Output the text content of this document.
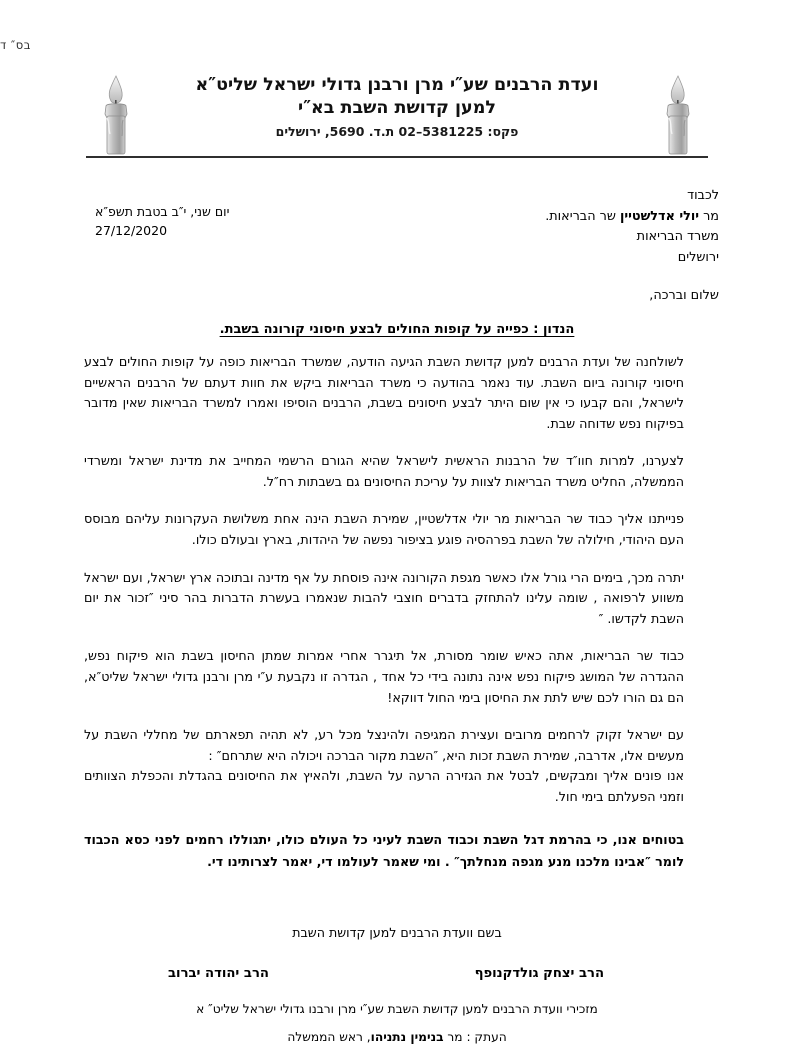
בס″ ד
ועדת הרבנים שע″י מרן ורבנן גדולי ישראל שליט″א
למען קדושת השבת בא″י
פקס: 5381225–02 ת.ד. 5690, ירושלים
יום שני, י″ב בטבת תשפ″א
27/12/2020
לכבוד
מר יולי אדלשטיין שר הבריאות.
משרד הבריאות
ירושלים
שלום וברכה,
הנדון : כפייה על קופות החולים לבצע חיסוני קורונה בשבת.

לשולחנה של ועדת הרבנים למען קדושת השבת הגיעה הודעה, שמשרד הבריאות כופה על קופות החולים לבצע חיסוני קורונה ביום השבת. עוד נאמר בהודעה כי משרד הבריאות ביקש את חוות דעתם של הרבנים הראשיים לישראל, והם קבעו כי אין שום היתר לבצע חיסונים בשבת, הרבנים הוסיפו ואמרו למשרד הבריאות שאין מדובר בפיקוח נפש שדוחה שבת.

לצערנו, למרות חוו″ד של הרבנות הראשית לישראל שהיא הגורם הרשמי המחייב את מדינת ישראל ומשרדי הממשלה, החליט משרד הבריאות לצוות על עריכת החיסונים גם בשבתות רח″ל.

פנייתנו אליך כבוד שר הבריאות מר יולי אדלשטיין, שמירת השבת הינה אחת משלושת העקרונות עליהם מבוסס העם היהודי, חילולה של השבת בפרהסיה פוגע בציפור נפשה של היהדות, בארץ ובעולם כולו.

יתרה מכך, בימים הרי גורל אלו כאשר מגפת הקורונה אינה פוסחת על אף מדינה ובתוכה ארץ ישראל, ועם ישראל משווע לרפואה , שומה עלינו להתחזק בדברים חוצבי להבות שנאמרו בעשרת הדברות בהר סיני ″זכור את יום השבת לקדשו. ″

כבוד שר הבריאות, אתה כאיש שומר מסורת, אל תיגרר אחרי אמרות שמתן החיסון בשבת הוא פיקוח נפש, ההגדרה של המושג פיקוח נפש אינה נתונה בידי כל אחד , הגדרה זו נקבעת ע″י מרן ורבנן גדולי ישראל שליט″א, הם גם הורו לכם שיש לתת את החיסון בימי החול דווקא!

עם ישראל זקוק לרחמים מרובים ועצירת המגיפה ולהינצל מכל רע, לא תהיה תפארתם של מחללי השבת על מעשים אלו, אדרבה, שמירת השבת זכות היא, ″השבת מקור הברכה ויכולה היא שתרחם″ :

אנו פונים אליך ומבקשים, לבטל את הגזירה הרעה על השבת, ולהאיץ את החיסונים בהגדלת והכפלת הצוותים וזמני הפעלתם בימי חול.

בטוחים אנו, כי בהרמת דגל השבת וכבוד השבת לעיני כל העולם כולו, יתגוללו רחמים לפני כסא הכבוד לומר ″אבינו מלכנו מנע מגפה מנחלתך″ . ומי שאמר לעולמו די, יאמר לצרותינו די.

בשם וועדת הרבנים למען קדושת השבת
הרב יצחק גולדקנופף
הרב יהודה יברוב
מזכירי וועדת הרבנים למען קדושת השבת שע″י מרן ורבנו גדולי ישראל שליט″ א
העתק : מר בנימין נתניהו, ראש הממשלה
